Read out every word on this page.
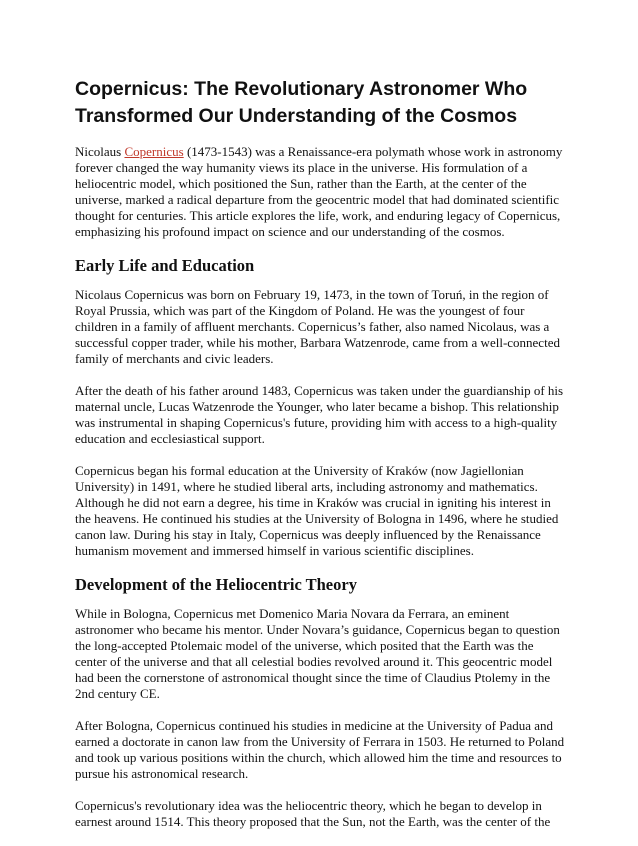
Copernicus: The Revolutionary Astronomer Who Transformed Our Understanding of the Cosmos

Nicolaus Copernicus (1473-1543) was a Renaissance-era polymath whose work in astronomy forever changed the way humanity views its place in the universe. His formulation of a heliocentric model, which positioned the Sun, rather than the Earth, at the center of the universe, marked a radical departure from the geocentric model that had dominated scientific thought for centuries. This article explores the life, work, and enduring legacy of Copernicus, emphasizing his profound impact on science and our understanding of the cosmos.

Early Life and Education

Nicolaus Copernicus was born on February 19, 1473, in the town of Toruń, in the region of Royal Prussia, which was part of the Kingdom of Poland. He was the youngest of four children in a family of affluent merchants. Copernicus’s father, also named Nicolaus, was a successful copper trader, while his mother, Barbara Watzenrode, came from a well-connected family of merchants and civic leaders.

After the death of his father around 1483, Copernicus was taken under the guardianship of his maternal uncle, Lucas Watzenrode the Younger, who later became a bishop. This relationship was instrumental in shaping Copernicus's future, providing him with access to a high-quality education and ecclesiastical support.

Copernicus began his formal education at the University of Kraków (now Jagiellonian University) in 1491, where he studied liberal arts, including astronomy and mathematics. Although he did not earn a degree, his time in Kraków was crucial in igniting his interest in the heavens. He continued his studies at the University of Bologna in 1496, where he studied canon law. During his stay in Italy, Copernicus was deeply influenced by the Renaissance humanism movement and immersed himself in various scientific disciplines.

Development of the Heliocentric Theory

While in Bologna, Copernicus met Domenico Maria Novara da Ferrara, an eminent astronomer who became his mentor. Under Novara’s guidance, Copernicus began to question the long-accepted Ptolemaic model of the universe, which posited that the Earth was the center of the universe and that all celestial bodies revolved around it. This geocentric model had been the cornerstone of astronomical thought since the time of Claudius Ptolemy in the 2nd century CE.

After Bologna, Copernicus continued his studies in medicine at the University of Padua and earned a doctorate in canon law from the University of Ferrara in 1503. He returned to Poland and took up various positions within the church, which allowed him the time and resources to pursue his astronomical research.

Copernicus's revolutionary idea was the heliocentric theory, which he began to develop in earnest around 1514. This theory proposed that the Sun, not the Earth, was the center of the
